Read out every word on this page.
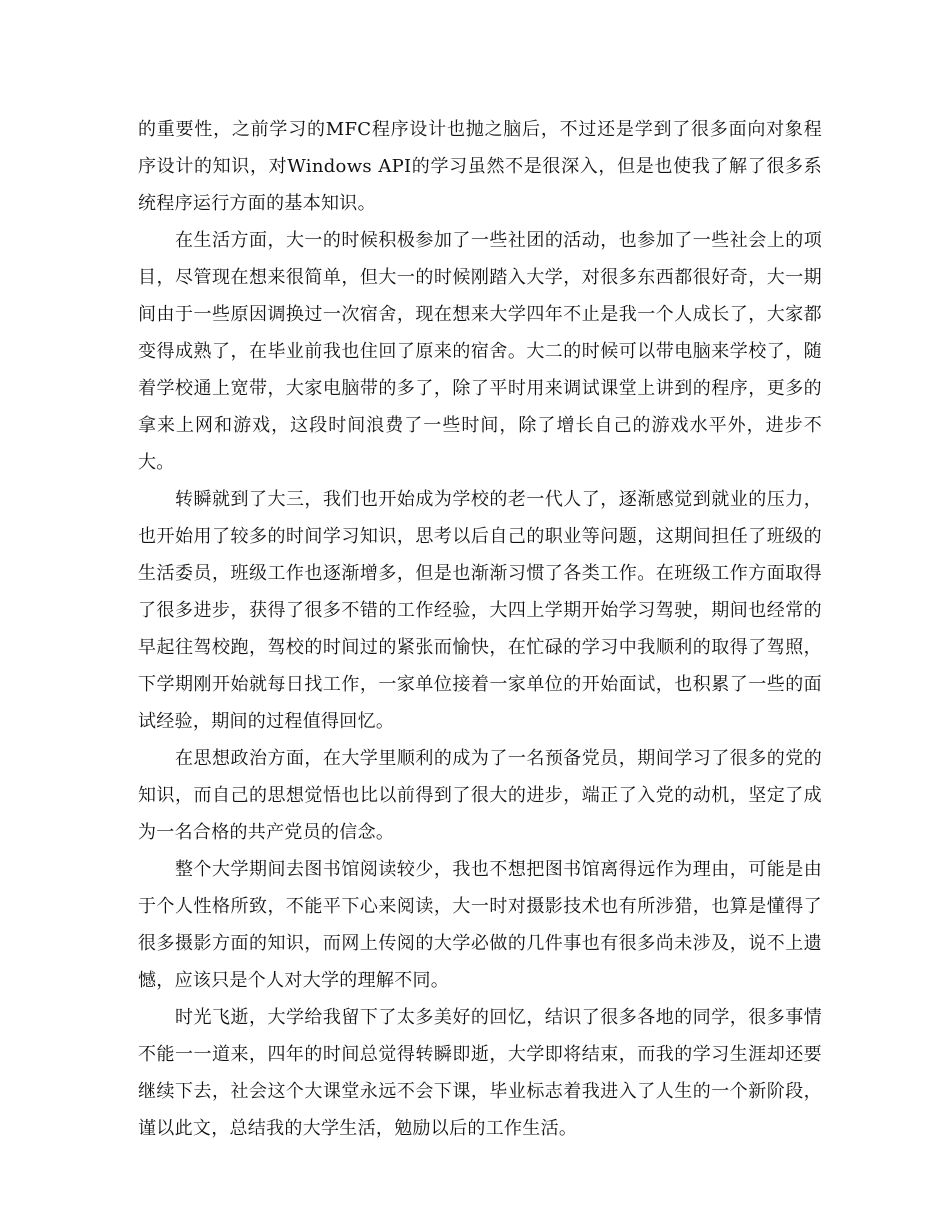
的重要性，之前学习的MFC程序设计也抛之脑后，不过还是学到了很多面向对象程序设计的知识，对Windows API的学习虽然不是很深入，但是也使我了解了很多系统程序运行方面的基本知识。

在生活方面，大一的时候积极参加了一些社团的活动，也参加了一些社会上的项目，尽管现在想来很简单，但大一的时候刚踏入大学，对很多东西都很好奇，大一期间由于一些原因调换过一次宿舍，现在想来大学四年不止是我一个人成长了，大家都变得成熟了，在毕业前我也住回了原来的宿舍。大二的时候可以带电脑来学校了，随着学校通上宽带，大家电脑带的多了，除了平时用来调试课堂上讲到的程序，更多的拿来上网和游戏，这段时间浪费了一些时间，除了增长自己的游戏水平外，进步不大。

转瞬就到了大三，我们也开始成为学校的老一代人了，逐渐感觉到就业的压力，也开始用了较多的时间学习知识，思考以后自己的职业等问题，这期间担任了班级的生活委员，班级工作也逐渐增多，但是也渐渐习惯了各类工作。在班级工作方面取得了很多进步，获得了很多不错的工作经验，大四上学期开始学习驾驶，期间也经常的早起往驾校跑，驾校的时间过的紧张而愉快，在忙碌的学习中我顺利的取得了驾照，下学期刚开始就每日找工作，一家单位接着一家单位的开始面试，也积累了一些的面试经验，期间的过程值得回忆。

在思想政治方面，在大学里顺利的成为了一名预备党员，期间学习了很多的党的知识，而自己的思想觉悟也比以前得到了很大的进步，端正了入党的动机，坚定了成为一名合格的共产党员的信念。

整个大学期间去图书馆阅读较少，我也不想把图书馆离得远作为理由，可能是由于个人性格所致，不能平下心来阅读，大一时对摄影技术也有所涉猎，也算是懂得了很多摄影方面的知识，而网上传阅的大学必做的几件事也有很多尚未涉及，说不上遗憾，应该只是个人对大学的理解不同。

时光飞逝，大学给我留下了太多美好的回忆，结识了很多各地的同学，很多事情不能一一道来，四年的时间总觉得转瞬即逝，大学即将结束，而我的学习生涯却还要继续下去，社会这个大课堂永远不会下课，毕业标志着我进入了人生的一个新阶段，谨以此文，总结我的大学生活，勉励以后的工作生活。
